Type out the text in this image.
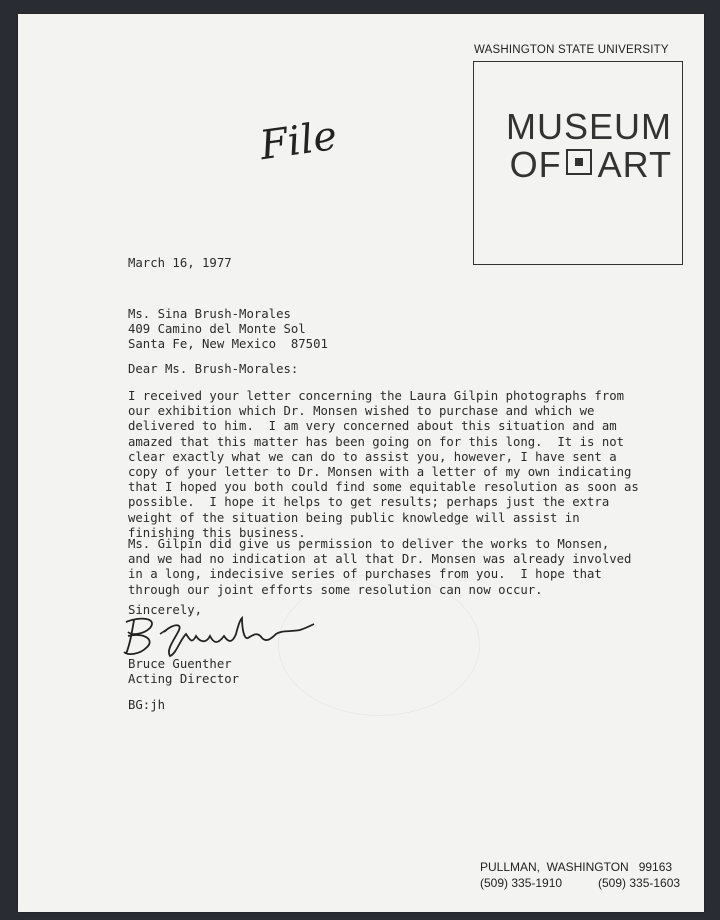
WASHINGTON STATE UNIVERSITY
MUSEUM
OF ART
File
March 16, 1977
Ms. Sina Brush-Morales
409 Camino del Monte Sol
Santa Fe, New Mexico  87501
Dear Ms. Brush-Morales:
I received your letter concerning the Laura Gilpin photographs from
our exhibition which Dr. Monsen wished to purchase and which we
delivered to him.  I am very concerned about this situation and am
amazed that this matter has been going on for this long.  It is not
clear exactly what we can do to assist you, however, I have sent a
copy of your letter to Dr. Monsen with a letter of my own indicating
that I hoped you both could find some equitable resolution as soon as
possible.  I hope it helps to get results; perhaps just the extra
weight of the situation being public knowledge will assist in
finishing this business.
Ms. Gilpin did give us permission to deliver the works to Monsen,
and we had no indication at all that Dr. Monsen was already involved
in a long, indecisive series of purchases from you.  I hope that
through our joint efforts some resolution can now occur.
Sincerely,
Bruce Guenther
Acting Director
BG:jh
PULLMAN,  WASHINGTON   99163
(509) 335-1910	(509) 335-1603
